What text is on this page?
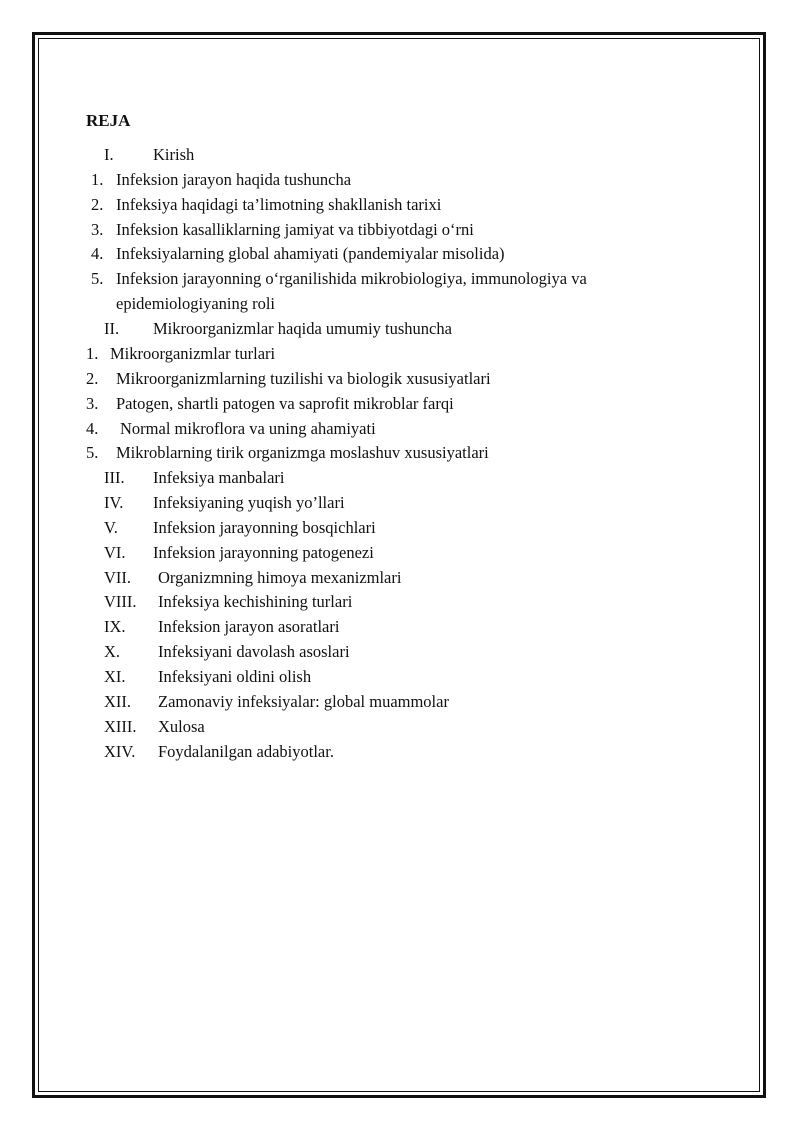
REJA
I. Kirish
1. Infeksion jarayon haqida tushuncha
2. Infeksiya haqidagi ta’limotning shakllanish tarixi
3. Infeksion kasalliklarning jamiyat va tibbiyotdagi o‘rni
4. Infeksiyalarning global ahamiyati (pandemiyalar misolida)
5. Infeksion jarayonning o‘rganilishida mikrobiologiya, immunologiya va
epidemiologiyaning roli
II. Mikroorganizmlar haqida umumiy tushuncha
1. Mikroorganizmlar turlari
2. Mikroorganizmlarning tuzilishi va biologik xususiyatlari
3. Patogen, shartli patogen va saprofit mikroblar farqi
4. Normal mikroflora va uning ahamiyati
5. Mikroblarning tirik organizmga moslashuv xususiyatlari
III. Infeksiya manbalari
IV. Infeksiyaning yuqish yo’llari
V. Infeksion jarayonning bosqichlari
VI. Infeksion jarayonning patogenezi
VII. Organizmning himoya mexanizmlari
VIII. Infeksiya kechishining turlari
IX. Infeksion jarayon asoratlari
X. Infeksiyani davolash asoslari
XI. Infeksiyani oldini olish
XII. Zamonaviy infeksiyalar: global muammolar
XIII. Xulosa
XIV. Foydalanilgan adabiyotlar.
